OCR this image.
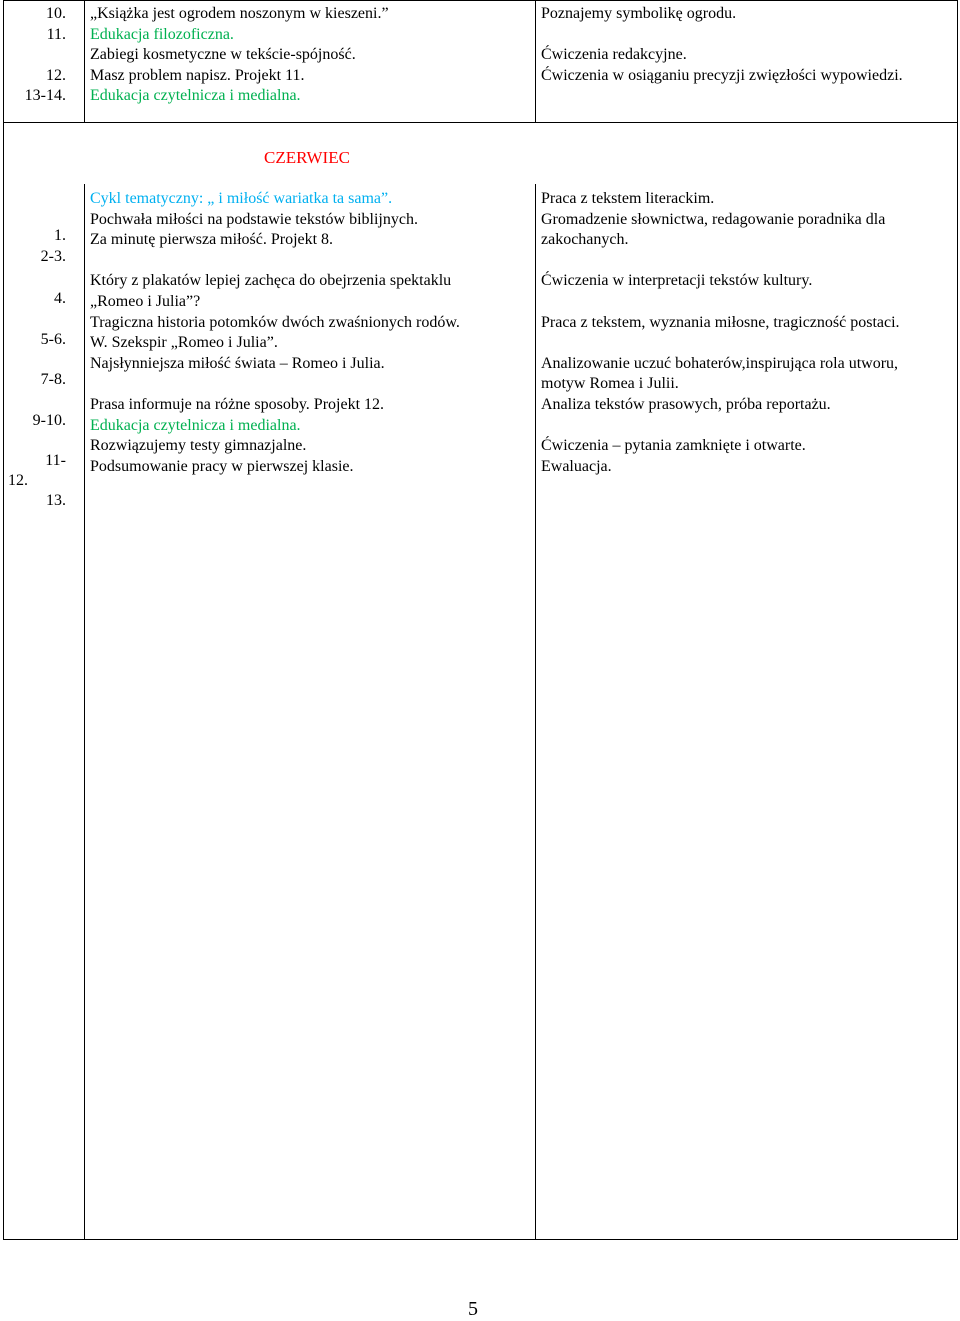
10.
11.
12.
13-14.
„Książka jest ogrodem noszonym w kieszeni.”
Edukacja filozoficzna.
Zabiegi kosmetyczne w tekście-spójność.
Masz problem napisz. Projekt 11.
Edukacja czytelnicza i medialna.
Poznajemy symbolikę ogrodu.
Ćwiczenia redakcyjne.
Ćwiczenia w osiąganiu precyzji zwięzłości wypowiedzi.
CZERWIEC
1.
2-3.
4.
5-6.
7-8.
9-10.
11-
12.
13.
Cykl tematyczny: „ i miłość wariatka ta sama”.
Pochwała miłości na podstawie tekstów biblijnych.
Za minutę pierwsza miłość. Projekt 8.
Który z plakatów lepiej zachęca do obejrzenia spektaklu
„Romeo i Julia”?
Tragiczna historia potomków dwóch zwaśnionych rodów.
W. Szekspir „Romeo i Julia”.
Najsłynniejsza miłość świata – Romeo i Julia.
Prasa informuje na różne sposoby. Projekt 12.
Edukacja czytelnicza i medialna.
Rozwiązujemy testy gimnazjalne.
Podsumowanie pracy w pierwszej klasie.
Praca z tekstem literackim.
Gromadzenie słownictwa, redagowanie poradnika dla
zakochanych.
Ćwiczenia w interpretacji tekstów kultury.
Praca z tekstem, wyznania miłosne, tragiczność postaci.
Analizowanie uczuć bohaterów,inspirująca rola utworu,
motyw Romea i Julii.
Analiza tekstów prasowych, próba reportażu.
Ćwiczenia – pytania zamknięte i otwarte.
Ewaluacja.
5
